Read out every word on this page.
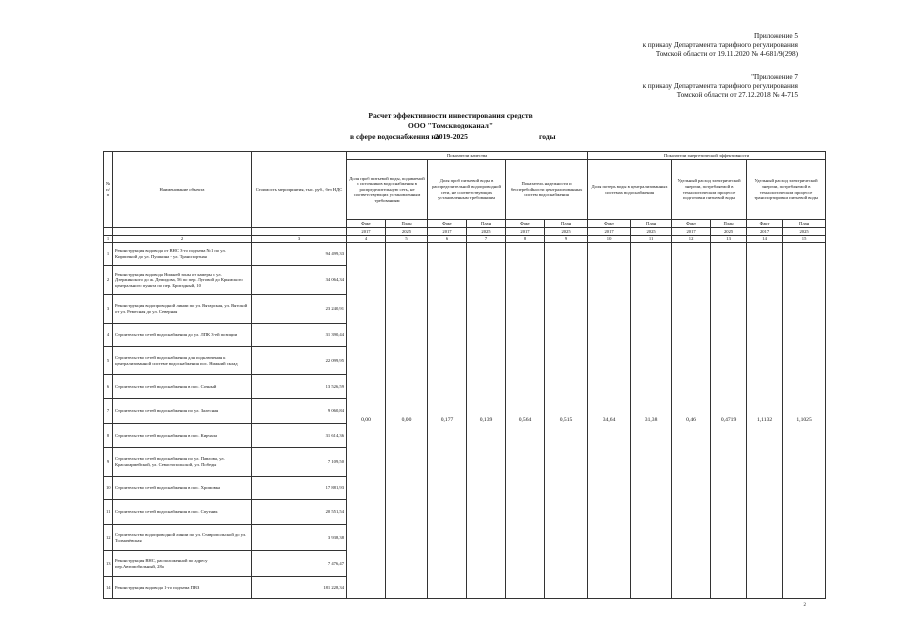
Приложение 5
к приказу Департамента тарифного регулирования
Томской области от 19.11.2020 № 4-681/9(298)
"Приложение 7
к приказу Департамента тарифного регулирования
Томской области от 27.12.2018 № 4-715
Расчет эффективности инвестирования средств
ООО "Томскводоканал"
в сфере водоснабжения на
2019-2025	годы
№ п/п	Наименование объекта	Стоимость мероприятия, тыс. руб., без НДС	Показатели качества						Показатели энергетической эффективности					
			Доля проб питьевой воды, подаваемой с источников водоснабжения в распределительную сеть, не соответствующих установленным требованиям		Доля проб питьевой воды в распределительной водопроводной сети, не соответствующих установленным требованиям		Показатель надежности и бесперебойности централизованных систем водоснабжения		Доля потерь воды в централизованных системах водоснабжения		Удельный расход электрической энергии, потребляемой в технологическом процессе подготовки питьевой воды		Удельный расход электрической энергии, потребляемой в технологическом процессе транспортировки питьевой воды	
			Факт	План	Факт	План	Факт	План	Факт	План	Факт	План	Факт	План
			2017	2025	2017	2025	2017	2025	2017	2025	2017	2025	2017	2025
1	2	3	4	5	6	7	8	9	10	11	12	13	14	15
1	Реконструкция водовода от ВНС 3-го подъема №1 по ул. Кирпичной до ул. Пушкина - ул. Транспортная	94 499,33	0,00	0,00	0,177	0,139	0,564	0,515	34,64	31,38	0,46	0,4719	1,1132	1,1025
2	Реконструкция водовода Нижней зоны от камеры с ул. Дзержинского до ж. Демидова, 56 по пер. Луговой до Крымского центрального пункта по пер. Бригадный, 10	34 064,34												
3	Реконструкция водопроводной линии по ул. Вятарская, ул. Вятской от ул. Ремесная до ул. Северная	23 240,91												
4	Строительство сетей водоснабжения до ул. ЛПК 3-ей позиции	31 390,44												
5	Строительство сетей водоснабжения для подключения к централизованной системе водоснабжения пос. Нижний склад	22 099,95												
6	Строительство сетей водоснабжения в пос. Сочный	13 526,59												
7	Строительство сетей водоснабжения по ул. Залесная	9 060,84												
8	Строительство сетей водоснабжения в пос. Кирчала	31 614,36												
9	Строительство сетей водоснабжения по ул. Павлова, ул. Красноармейской, ул. Севастопольской, ул. Победы	7 109,50												
10	Строительство сетей водоснабжения в пос. Хромовка	17 881,93												
11	Строительство сетей водоснабжения в пос. Спутник	20 551,54												
12	Строительство водопроводной линии по ул. Ставропольской до ул. Толмачёвская	3 938,38												
13	Реконструкция ВНС, расположенной по адресу пер.Автомобильный, 28а	7 476,47												
14	Реконструкция водовода 1-го подъема ПВЗ	181 228,34												
2
